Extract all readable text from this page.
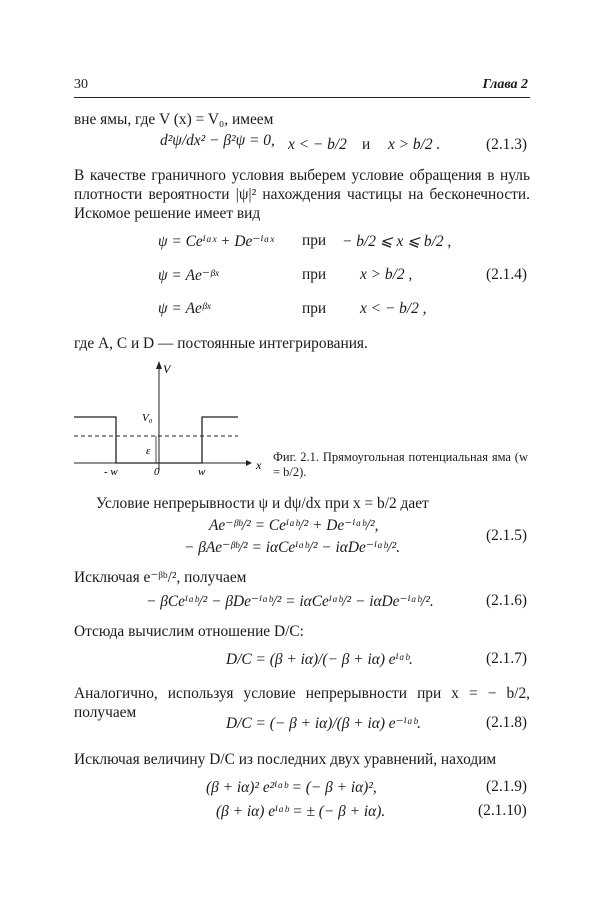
30	Глава 2
вне ямы, где V (x) = V₀, имеем
d²ψ/dx² − β²ψ = 0, x < − b/2 и x > b/2 .	(2.1.3)
В качестве граничного условия выберем условие обращения в нуль плотности вероятности |ψ|² нахождения частицы на бесконечности. Искомое решение имеет вид
ψ = Ceⁱᵅˣ + De⁻ⁱᵅˣ при − b/2 ⩽ x ⩽ b/2 ,
ψ = Ae⁻ᵝˣ	при x > b/2 ,	(2.1.4)
ψ = Aeᵝˣ	при x < − b/2 ,
где A, C и D — постоянные интегрирования.
V
V₀
ε
- w	0	w	x
Фиг. 2.1. Прямоугольная потенциальная яма (w = b/2).
Условие непрерывности ψ и dψ/dx при x = b/2 дает
Ae⁻ᵝᵇ/² = Ceⁱᵅᵇ/² + De⁻ⁱᵅᵇ/²,
− βAe⁻ᵝᵇ/² = iαCeⁱᵅᵇ/² − iαDe⁻ⁱᵅᵇ/².
(2.1.5)
Исключая e⁻ᵝᵇ/², получаем
− βCeⁱᵅᵇ/² − βDe⁻ⁱᵅᵇ/² = iαCeⁱᵅᵇ/² − iαDe⁻ⁱᵅᵇ/².	(2.1.6)
Отсюда вычислим отношение D/C:
D/C = (β + iα)/(− β + iα) eⁱᵅᵇ.	(2.1.7)
Аналогично, используя условие непрерывности при x = − b/2, получаем
D/C = (− β + iα)/(β + iα) e⁻ⁱᵅᵇ.	(2.1.8)
Исключая величину D/C из последних двух уравнений, находим
(β + iα)² e²ⁱᵅᵇ = (− β + iα)²,	(2.1.9)
(β + iα) eⁱᵅᵇ = ± (− β + iα).	(2.1.10)
